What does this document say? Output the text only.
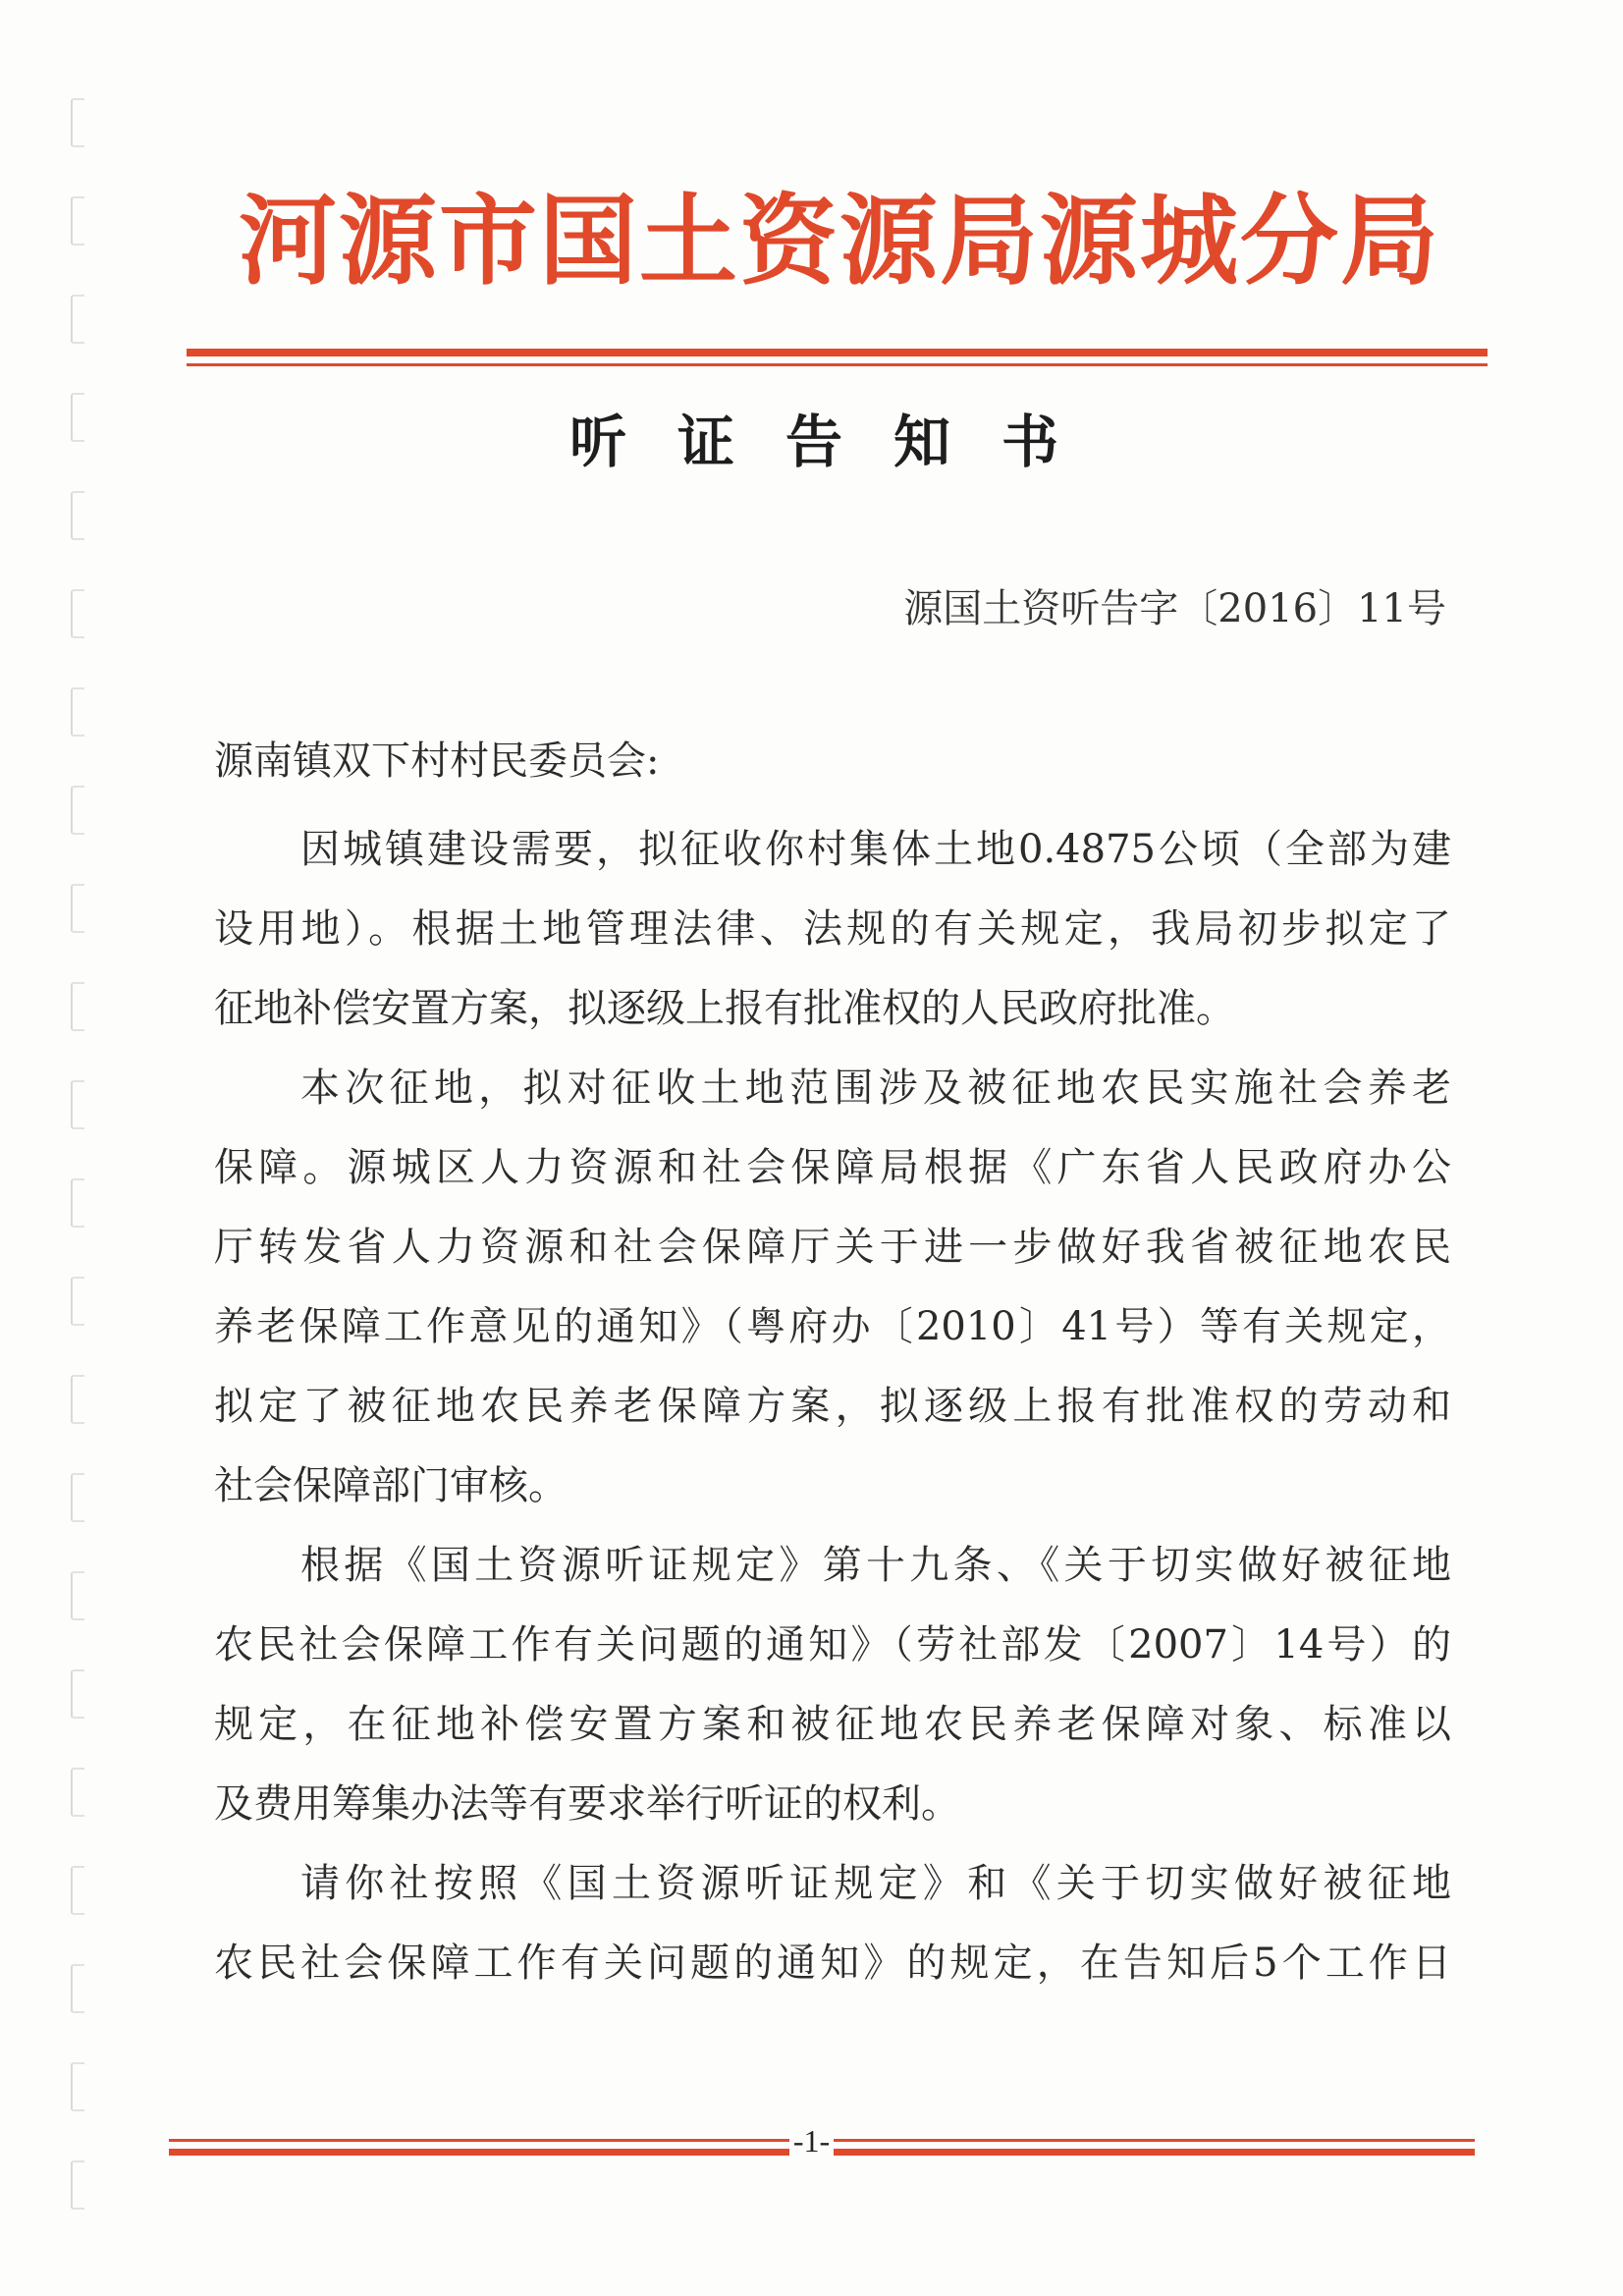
河源市国土资源局源城分局
听证告知书
源国土资听告字〔2016〕11号
源南镇双下村村民委员会:
因城镇建设需要，拟征收你村集体土地0.4875公顷（全部为建
设用地）。根据土地管理法律、法规的有关规定，我局初步拟定了
征地补偿安置方案，拟逐级上报有批准权的人民政府批准。
本次征地，拟对征收土地范围涉及被征地农民实施社会养老
保障。源城区人力资源和社会保障局根据《广东省人民政府办公
厅转发省人力资源和社会保障厅关于进一步做好我省被征地农民
养老保障工作意见的通知》（粤府办〔2010〕41号）等有关规定，
拟定了被征地农民养老保障方案，拟逐级上报有批准权的劳动和
社会保障部门审核。
根据《国土资源听证规定》第十九条、《关于切实做好被征地
农民社会保障工作有关问题的通知》（劳社部发〔2007〕14号）的
规定，在征地补偿安置方案和被征地农民养老保障对象、标准以
及费用筹集办法等有要求举行听证的权利。
请你社按照《国土资源听证规定》和《关于切实做好被征地
农民社会保障工作有关问题的通知》的规定，在告知后5个工作日
-1-
